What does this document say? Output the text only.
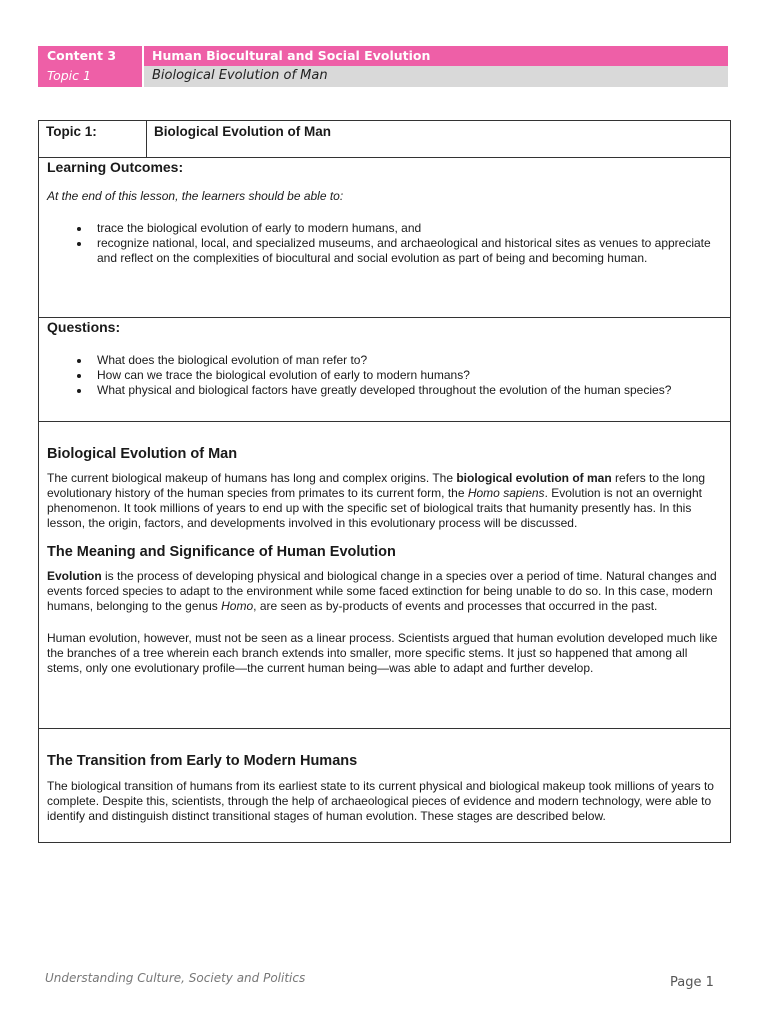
Content 3	Human Biocultural and Social Evolution
Topic 1	Biological Evolution of Man
Topic 1:	Biological Evolution of Man
Learning Outcomes:

At the end of this lesson, the learners should be able to:

• trace the biological evolution of early to modern humans, and
• recognize national, local, and specialized museums, and archaeological and historical sites as venues to appreciate and reflect on the complexities of biocultural and social evolution as part of being and becoming human.
Questions:
• What does the biological evolution of man refer to?
• How can we trace the biological evolution of early to modern humans?
• What physical and biological factors have greatly developed throughout the evolution of the human species?
Biological Evolution of Man

The current biological makeup of humans has long and complex origins. The biological evolution of man refers to the long evolutionary history of the human species from primates to its current form, the Homo sapiens. Evolution is not an overnight phenomenon. It took millions of years to end up with the specific set of biological traits that humanity presently has. In this lesson, the origin, factors, and developments involved in this evolutionary process will be discussed.

The Meaning and Significance of Human Evolution

Evolution is the process of developing physical and biological change in a species over a period of time. Natural changes and events forced species to adapt to the environment while some faced extinction for being unable to do so. In this case, modern humans, belonging to the genus Homo, are seen as by-products of events and processes that occurred in the past.

Human evolution, however, must not be seen as a linear process. Scientists argued that human evolution developed much like the branches of a tree wherein each branch extends into smaller, more specific stems. It just so happened that among all stems, only one evolutionary profile—the current human being—was able to adapt and further develop.

The Transition from Early to Modern Humans

The biological transition of humans from its earliest state to its current physical and biological makeup took millions of years to complete. Despite this, scientists, through the help of archaeological pieces of evidence and modern technology, were able to identify and distinguish distinct transitional stages of human evolution. These stages are described below.

Understanding Culture, Society and Politics	Page 1
